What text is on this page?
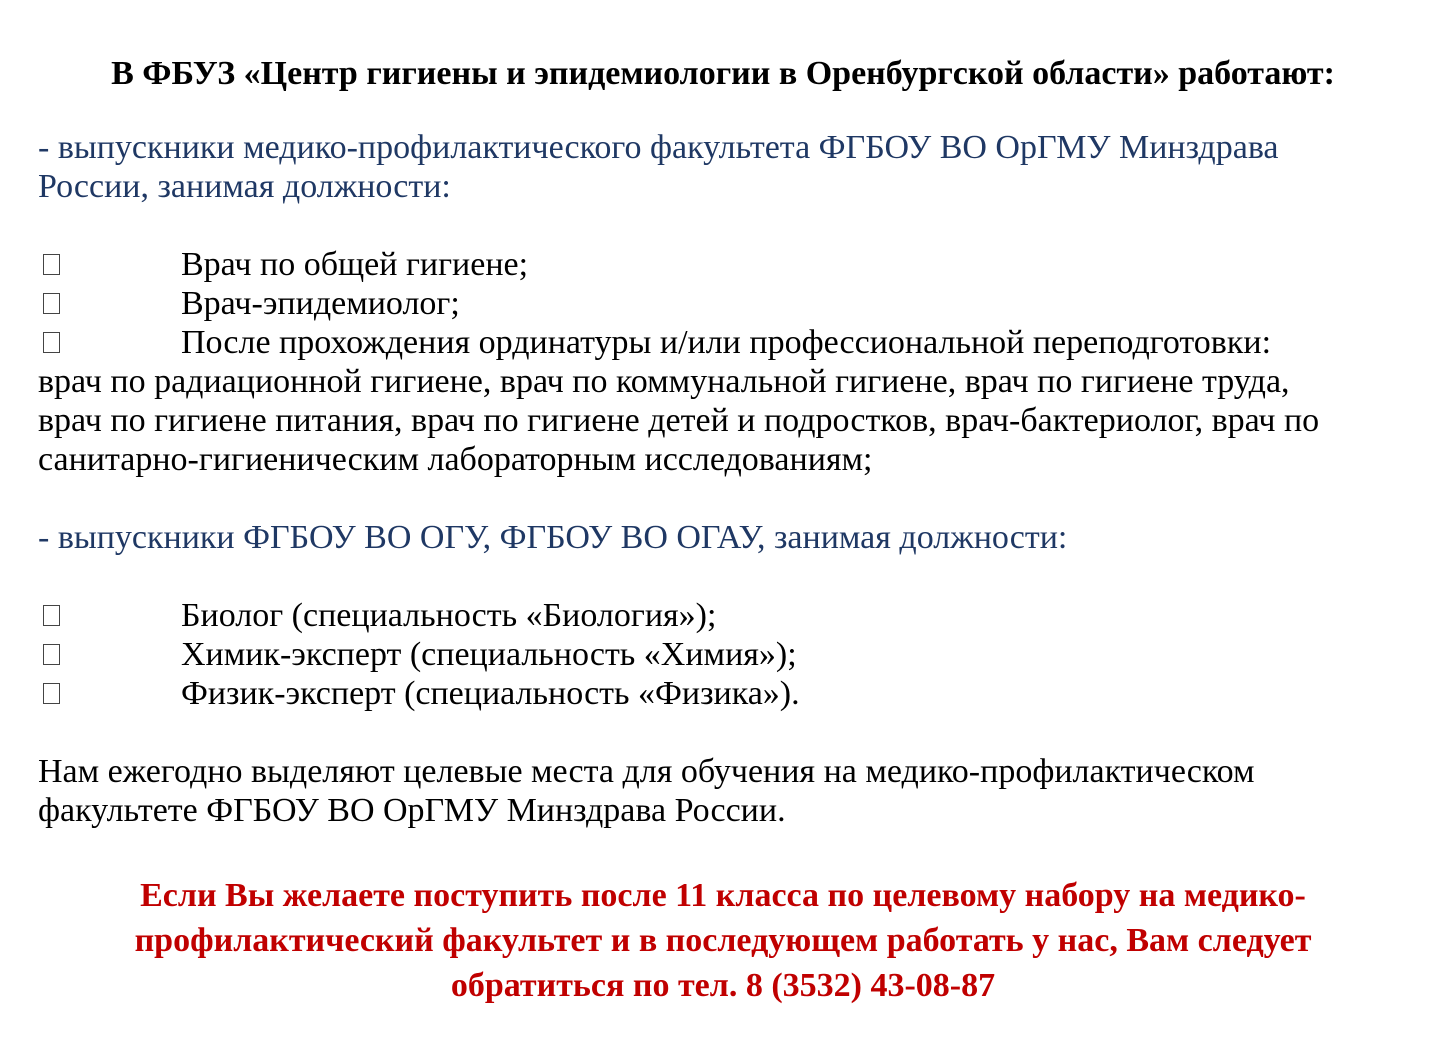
В ФБУЗ «Центр гигиены и эпидемиологии в Оренбургской области» работают:
- выпускники медико-профилактического факультета ФГБОУ ВО ОрГМУ Минздрава
России, занимая должности:
Врач по общей гигиене;
Врач-эпидемиолог;
После прохождения ординатуры и/или профессиональной переподготовки:
врач по радиационной гигиене, врач по коммунальной гигиене, врач по гигиене труда,
врач по гигиене питания, врач по гигиене детей и подростков, врач-бактериолог, врач по
санитарно-гигиеническим лабораторным исследованиям;
- выпускники ФГБОУ ВО ОГУ, ФГБОУ ВО ОГАУ, занимая должности:
Биолог (специальность «Биология»);
Химик-эксперт (специальность «Химия»);
Физик-эксперт (специальность «Физика»).
Нам ежегодно выделяют целевые места для обучения на медико-профилактическом
факультете ФГБОУ ВО ОрГМУ Минздрава России.
Если Вы желаете поступить после 11 класса по целевому набору на медико-
профилактический факультет и в последующем работать у нас, Вам следует
обратиться по тел. 8 (3532) 43-08-87
